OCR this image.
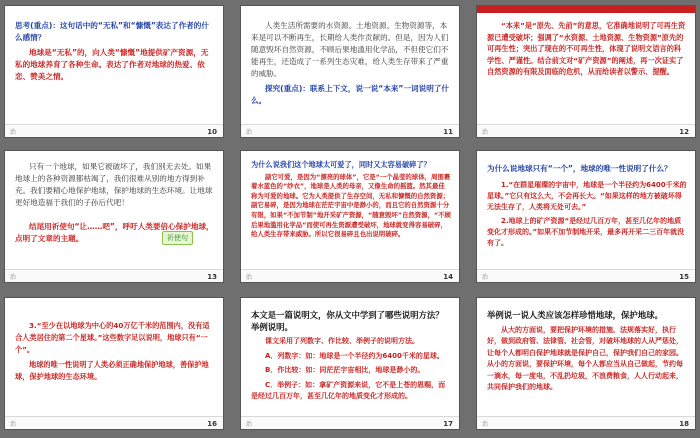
思考(重点)：这句话中的“无私”和“慷慨”表达了作者的什么感情？

地球是“无私”的，向人类“慷慨”地提供矿产资源，无私的地球养育了各种生命。表达了作者对地球的热爱、依恋、赞美之情。

治	10

人类生活所需要的水资源、土地资源、生物资源等，本来是可以不断再生，长期给人类作贡献的。但是，因为人们随意毁坏自然资源，不顾后果地滥用化学品，不但使它们不能再生，还造成了一系列生态灾难，给人类生存带来了严重的威胁。

探究(重点)：联系上下文，说一说“本来”一词说明了什么。

治	11

“本来”是“原先、先前”的意思，它准确地说明了可再生资源已遭受破坏；强调了“水资源、土地资源、生物资源”原先的可再生性；突出了现在的不可再生性，体现了说明文语言的科学性、严谨性。结合前文对“矿产资源”的阐述，再一次证实了自然资源的有限及面临的危机，从而给读者以警示、提醒。

治	12

只有一个地球，如果它被破坏了，我们别无去处。如果地球上的各种资源都枯竭了，我们很难从别的地方得到补充。我们要精心地保护地球，保护地球的生态环境。让地球更好地造福于我们的子孙后代吧！

结尾用祈使句“让……吧”，呼吁人类要倍心保护地球，点明了文章的主题。	祈使句
治	13

为什么说我们这个地球太可爱了，同时又太容易破碎了？

副它可爱，是因为“漂亮的球体”，它是“一个晶莹的球体，周围裹着水蓝色的“纱衣”，地球是人类的母亲，又像生命的摇篮。然其最佳称为可爱的地球。它为人类提供了生存空间，无私和慷慨的自然资源；副它易碎，是因为地球在茫茫宇宙中是渺小的，而且它的自然资源十分有限，如果“不加节制”地开采矿产资源，“随意毁坏”自然资源，“不顾后果地滥用化学品”而使可再生资源遭受破坏，地球就变得容易破碎，给人类生存带来威胁。所以它很易碎且也出说明破碎。

治	14

为什么说地球只有“一个”，地球的唯一性说明了什么？

1.“在群星璀璨的宇宙中，地球是一个半径约为6400千米的星球。”它只有这么大，不会再长大。“如果这样的地方被破坏得无法生存了，人类将无处可去。”

2.地球上的矿产资源“是经过几百万年，甚至几亿年的地质变化才形成的。”如果不加节制地开采，最多再开采二三百年就没有了。

治	15

3.“至少在以地球为中心的40万亿千米的范围内，没有适合人类居住的第二个星球。”这些数字足以说明，地球只有“一个”。

地球的唯一性说明了人类必须正确地保护地球，善保护地球，保护地球的生态环境。

治	16

本文是一篇说明文，你从文中学到了哪些说明方法？举例说明。

课文采用了列数字、作比较、举例子的说明方法。

A．列数字：如：地球是一个半径约为6400千米的星球。

B．作比较：如：同茫茫宇宙相比，地球是渺小的。

C．举例子：如：拿矿产资源来说，它不是上苍的恩赐，而是经过几百万年，甚至几亿年的地质变化才形成的。

治	17

举例说一说人类应该怎样珍惜地球，保护地球。

从大的方面说，要把保护环境的措施、法规落实好，执行好，做到政府管、法律管、社会管，对破坏地球的人从严惩处，让每个人都明白保护地球就是保护自己，保护我们自己的家园。从小的方面说，要保护环境，每个人都应当从自己做起，节约每一滴水，每一度电，不乱扔垃圾，不浪费粮食，人人行动起来，共同保护我们的地球。

治	18
